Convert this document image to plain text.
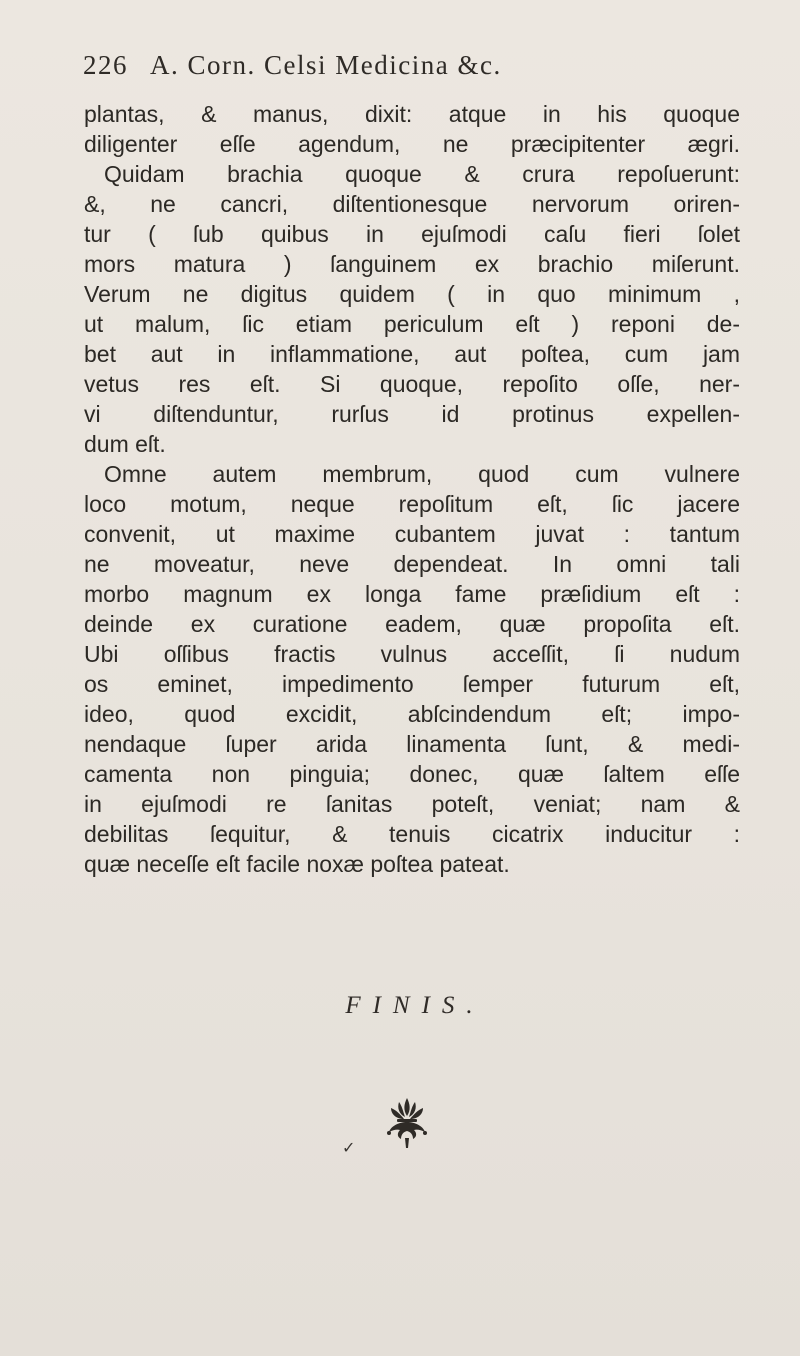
226 A. Corn. Celsi Medicina &c.
plantas, & manus, dixit: atque in his quoque
diligenter eſſe agendum, ne præcipitenter ægri.
Quidam brachia quoque & crura repoſuerunt:
&, ne cancri, diſtentionesque nervorum oriren-
tur ( ſub quibus in ejuſmodi caſu fieri ſolet
mors matura ) ſanguinem ex brachio miſerunt.
Verum ne digitus quidem ( in quo minimum ,
ut malum, ſic etiam periculum eſt ) reponi de-
bet aut in inflammatione, aut poſtea, cum jam
vetus res eſt. Si quoque, repoſito oſſe, ner-
vi diſtenduntur, rurſus id protinus expellen-
dum eſt.
Omne autem membrum, quod cum vulnere
loco motum, neque repoſitum eſt, ſic jacere
convenit, ut maxime cubantem juvat : tantum
ne moveatur, neve dependeat. In omni tali
morbo magnum ex longa fame præſidium eſt :
deinde ex curatione eadem, quæ propoſita eſt.
Ubi oſſibus fractis vulnus acceſſit, ſi nudum
os eminet, impedimento ſemper futurum eſt,
ideo, quod excidit, abſcindendum eſt; impo-
nendaque ſuper arida linamenta ſunt, & medi-
camenta non pinguia; donec, quæ ſaltem eſſe
in ejuſmodi re ſanitas poteſt, veniat; nam &
debilitas ſequitur, & tenuis cicatrix inducitur :
quæ neceſſe eſt facile noxæ poſtea pateat.
FINIS.
✓
